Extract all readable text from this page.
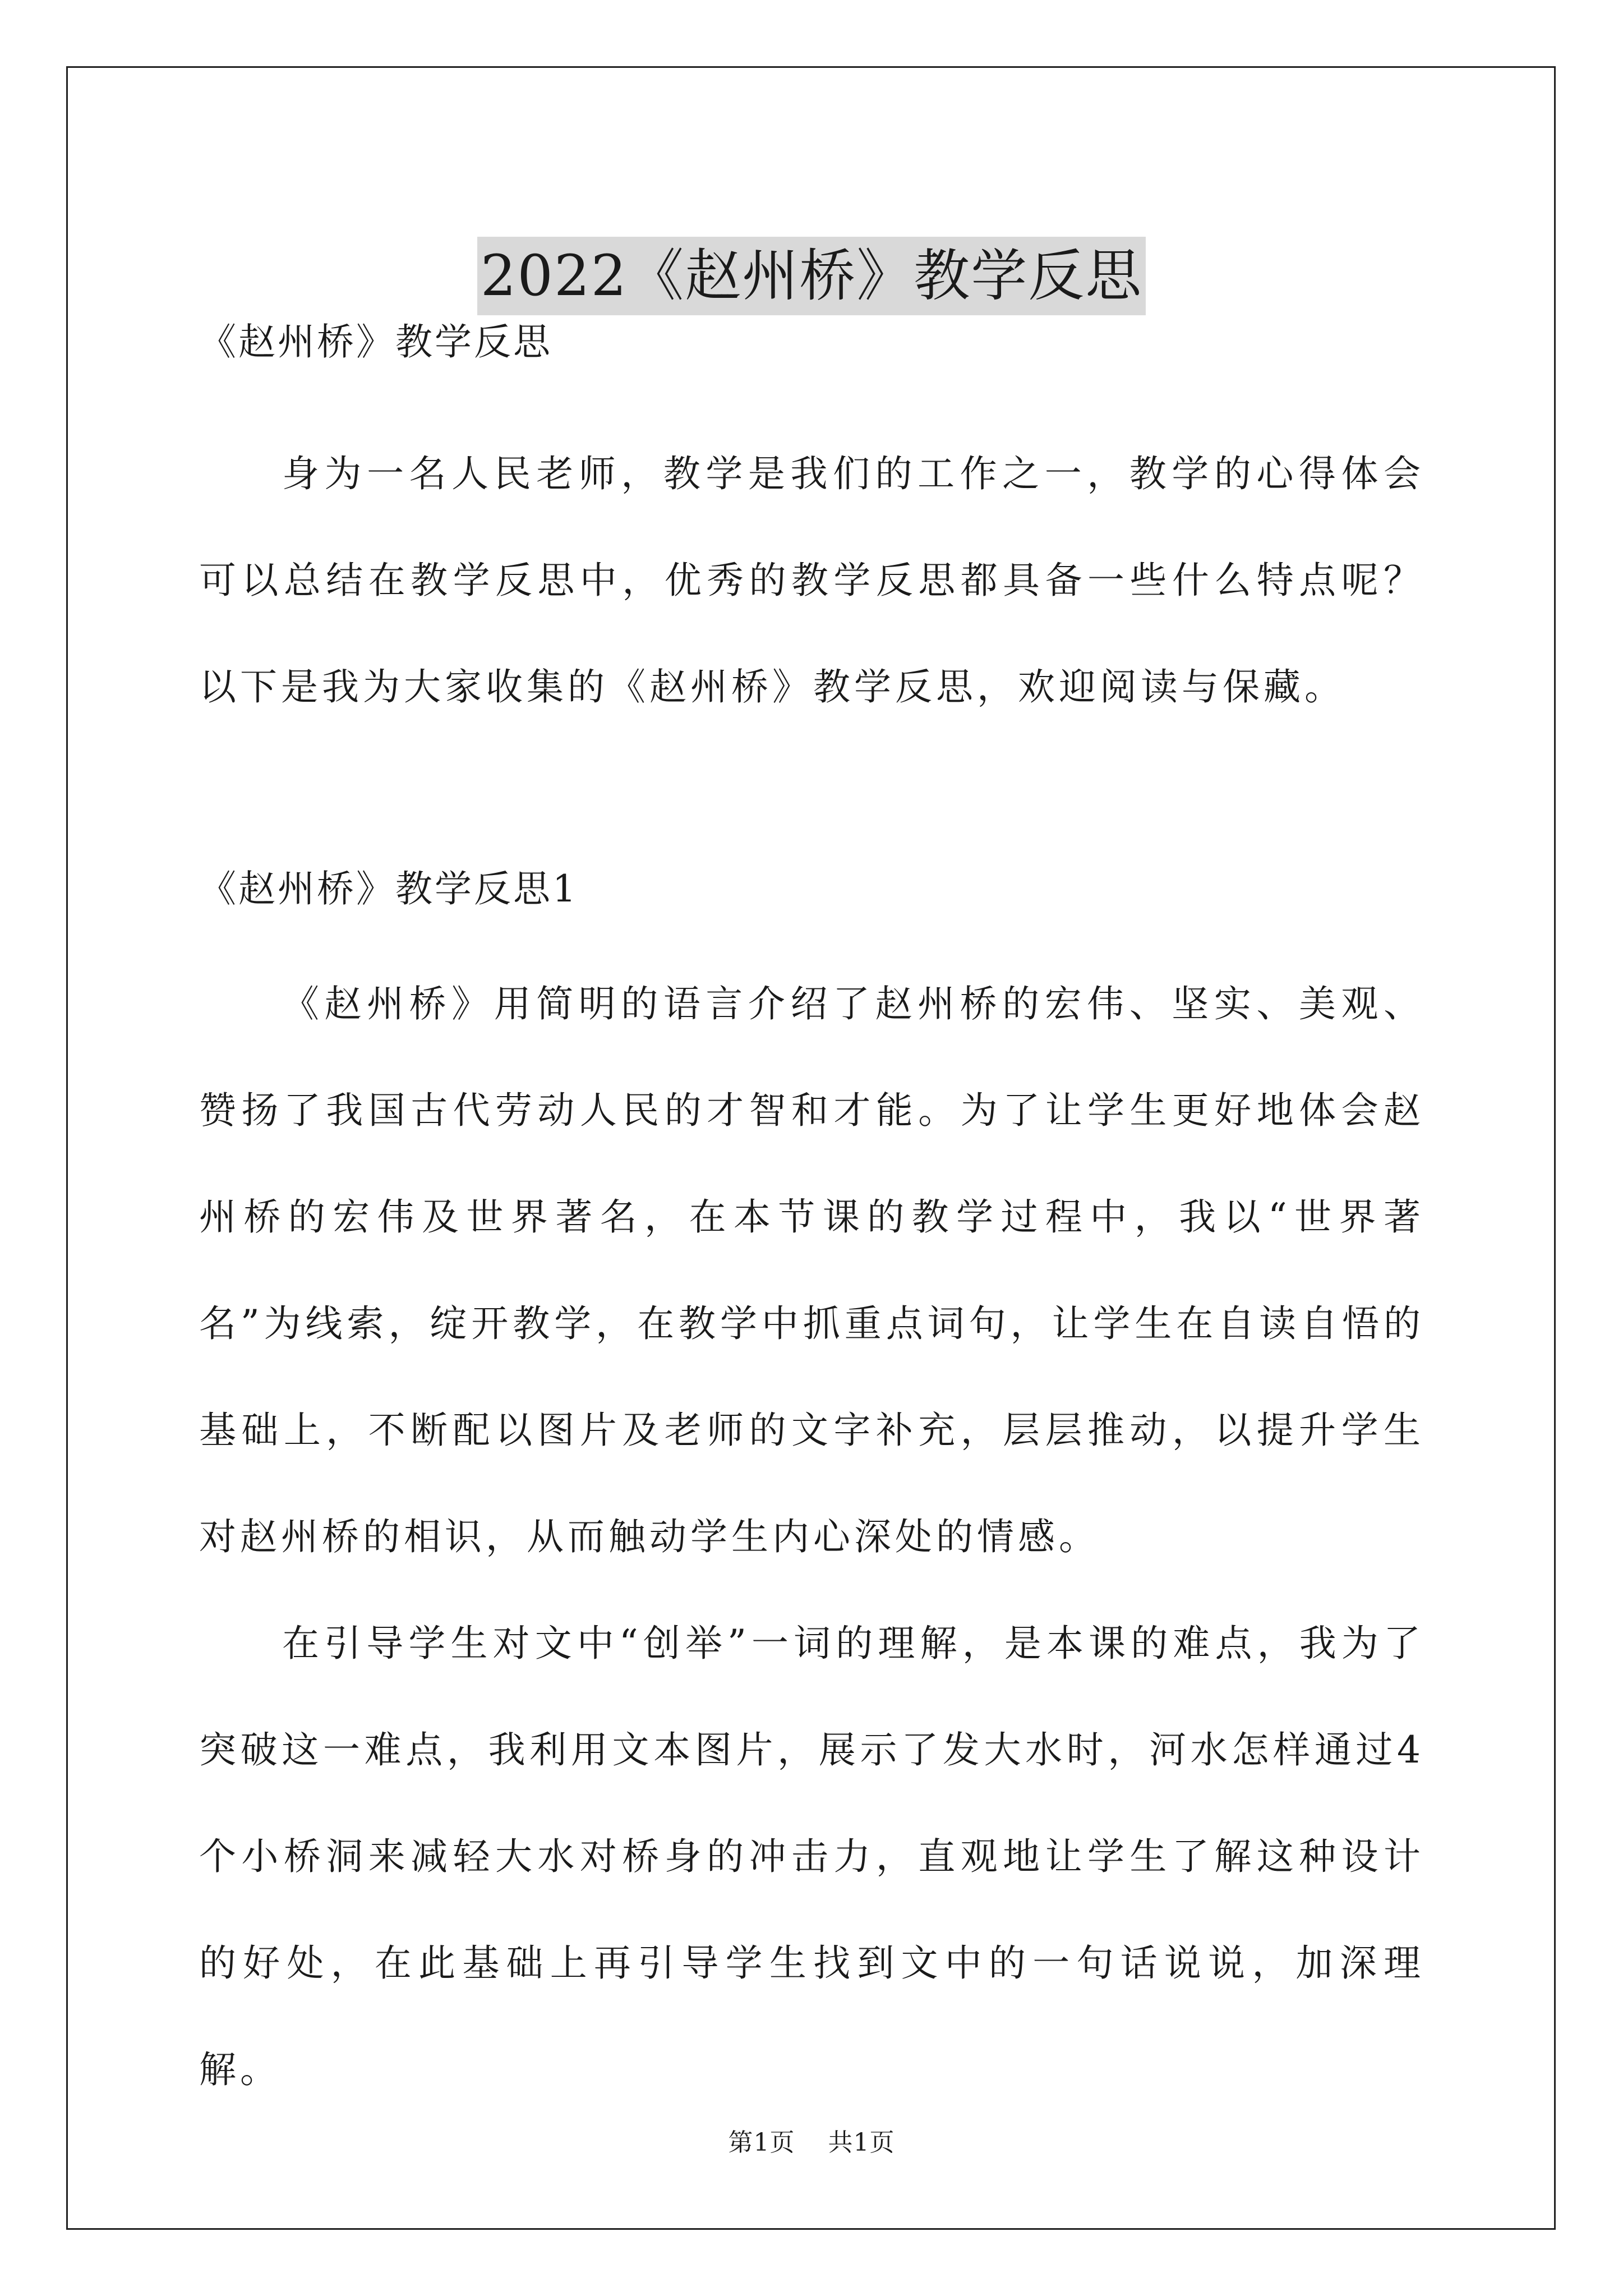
2022《赵州桥》教学反思

《赵州桥》教学反思

身为一名人民老师，教学是我们的工作之一，教学的心得体会可以总结在教学反思中，优秀的教学反思都具备一些什么特点呢？以下是我为大家收集的《赵州桥》教学反思，欢迎阅读与保藏。

《赵州桥》教学反思1

《赵州桥》用简明的语言介绍了赵州桥的宏伟、坚实、美观、赞扬了我国古代劳动人民的才智和才能。为了让学生更好地体会赵州桥的宏伟及世界著名，在本节课的教学过程中，我以“世界著名”为线索，绽开教学，在教学中抓重点词句，让学生在自读自悟的基础上，不断配以图片及老师的文字补充，层层推动，以提升学生对赵州桥的相识，从而触动学生内心深处的情感。

在引导学生对文中“创举”一词的理解，是本课的难点，我为了突破这一难点，我利用文本图片，展示了发大水时，河水怎样通过4个小桥洞来减轻大水对桥身的冲击力，直观地让学生了解这种设计的好处，在此基础上再引导学生找到文中的一句话说说，加深理解。

第1页 共1页
